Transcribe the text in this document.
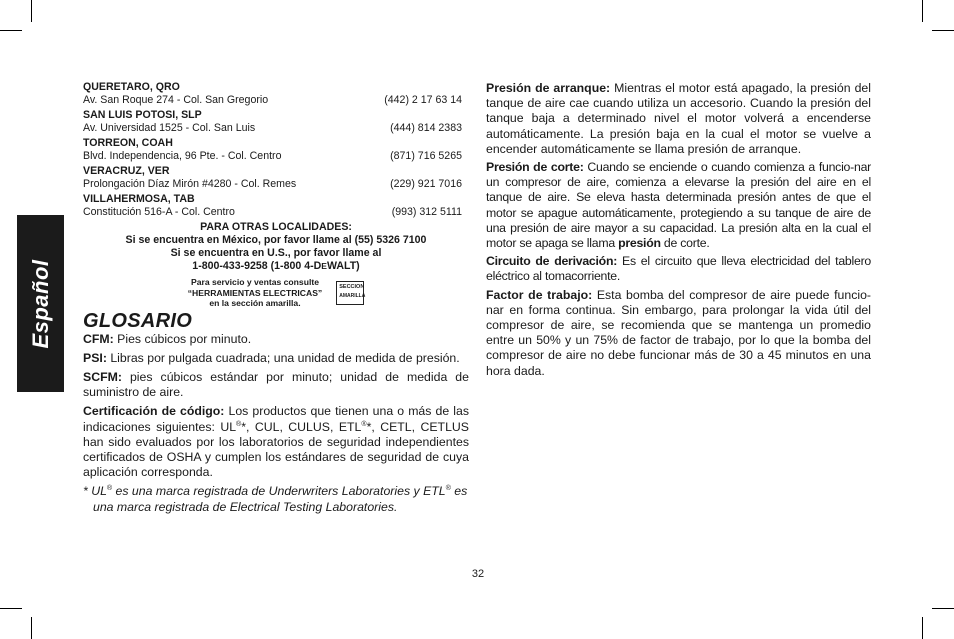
Español
QUERETARO, QRO
Av. San Roque 274 - Col. San Gregorio	(442) 2 17 63 14
SAN LUIS POTOSI, SLP
Av. Universidad 1525 - Col. San Luis	(444) 814 2383
TORREON, COAH
Blvd. Independencia, 96 Pte. - Col. Centro	(871) 716 5265
VERACRUZ, VER
Prolongación Díaz Mirón #4280 - Col. Remes	(229) 921 7016
VILLAHERMOSA, TAB
Constitución 516-A - Col. Centro	(993) 312 5111
PARA OTRAS LOCALIDADES:
Si se encuentra en México, por favor llame al (55) 5326 7100
Si se encuentra en U.S., por favor llame al
1-800-433-9258 (1-800 4-DEWALT)
Para servicio y ventas consulte
“HERRAMIENTAS ELECTRICAS”
en la sección amarilla.
SECCION
AMARILLA
GLOSARIO

CFM: Pies cúbicos por minuto.

PSI: Libras por pulgada cuadrada; una unidad de medida de presión.

SCFM: pies cúbicos estándar por minuto; unidad de medida de suministro de aire.

Certificación de código: Los productos que tienen una o más de las indicaciones siguientes: UL®*, CUL, CULUS, ETL®*, CETL, CETLUS han sido evaluados por los laboratorios de seguridad independientes certificados de OSHA y cumplen los estándares de seguridad de cuya aplicación corresponda.

* UL® es una marca registrada de Underwriters Laboratories y ETL® es una marca registrada de Electrical Testing Laboratories.

Presión de arranque: Mientras el motor está apagado, la presión del tanque de aire cae cuando utiliza un accesorio. Cuando la presión del tanque baja a determinado nivel el motor volverá a encenderse automáticamente. La presión baja en la cual el motor se vuelve a encender automáticamente se llama presión de arranque.

Presión de corte: Cuando se enciende o cuando comienza a funcio-nar un compresor de aire, comienza a elevarse la presión del aire en el tanque de aire. Se eleva hasta determinada presión antes de que el motor se apague automáticamente, protegiendo a su tanque de aire de una presión de aire mayor a su capacidad. La presión alta en la cual el motor se apaga se llama presión de corte.

Circuito de derivación: Es el circuito que lleva electricidad del tablero eléctrico al tomacorriente.

Factor de trabajo: Esta bomba del compresor de aire puede funcio-nar en forma continua. Sin embargo, para prolongar la vida útil del compresor de aire, se recomienda que se mantenga un promedio entre un 50% y un 75% de factor de trabajo, por lo que la bomba del compresor de aire no debe funcionar más de 30 a 45 minutos en una hora dada.

32
